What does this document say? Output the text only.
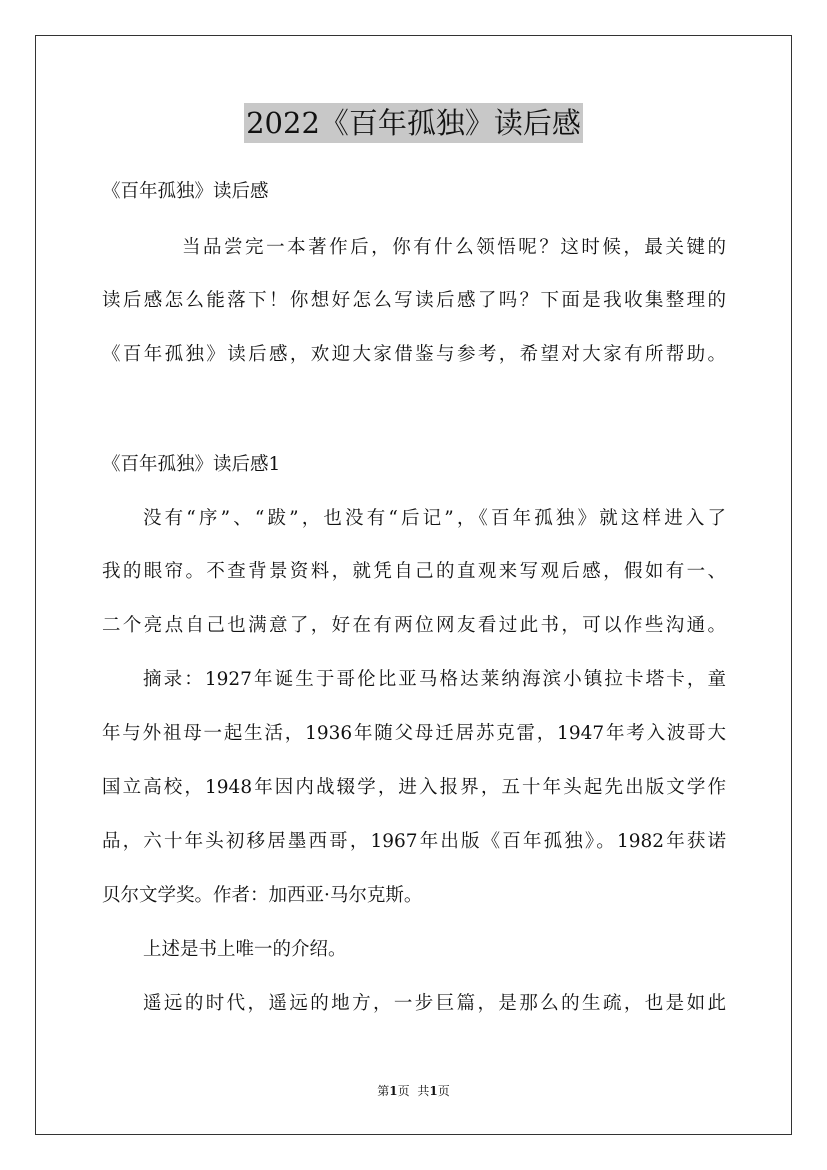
2022《百年孤独》读后感
《百年孤独》读后感
当品尝完一本著作后，你有什么领悟呢？这时候，最关键的
读后感怎么能落下！你想好怎么写读后感了吗？下面是我收集整理的
《百年孤独》读后感，欢迎大家借鉴与参考，希望对大家有所帮助。
《百年孤独》读后感1
没有“序”、“跋”，也没有“后记”，《百年孤独》就这样进入了
我的眼帘。不查背景资料，就凭自己的直观来写观后感，假如有一、
二个亮点自己也满意了，好在有两位网友看过此书，可以作些沟通。
摘录：1927年诞生于哥伦比亚马格达莱纳海滨小镇拉卡塔卡，童
年与外祖母一起生活，1936年随父母迁居苏克雷，1947年考入波哥大
国立高校，1948年因内战辍学，进入报界，五十年头起先出版文学作
品，六十年头初移居墨西哥，1967年出版《百年孤独》。1982年获诺
贝尔文学奖。作者：加西亚·马尔克斯。
上述是书上唯一的介绍。
遥远的时代，遥远的地方，一步巨篇，是那么的生疏，也是如此
第1页 共1页
